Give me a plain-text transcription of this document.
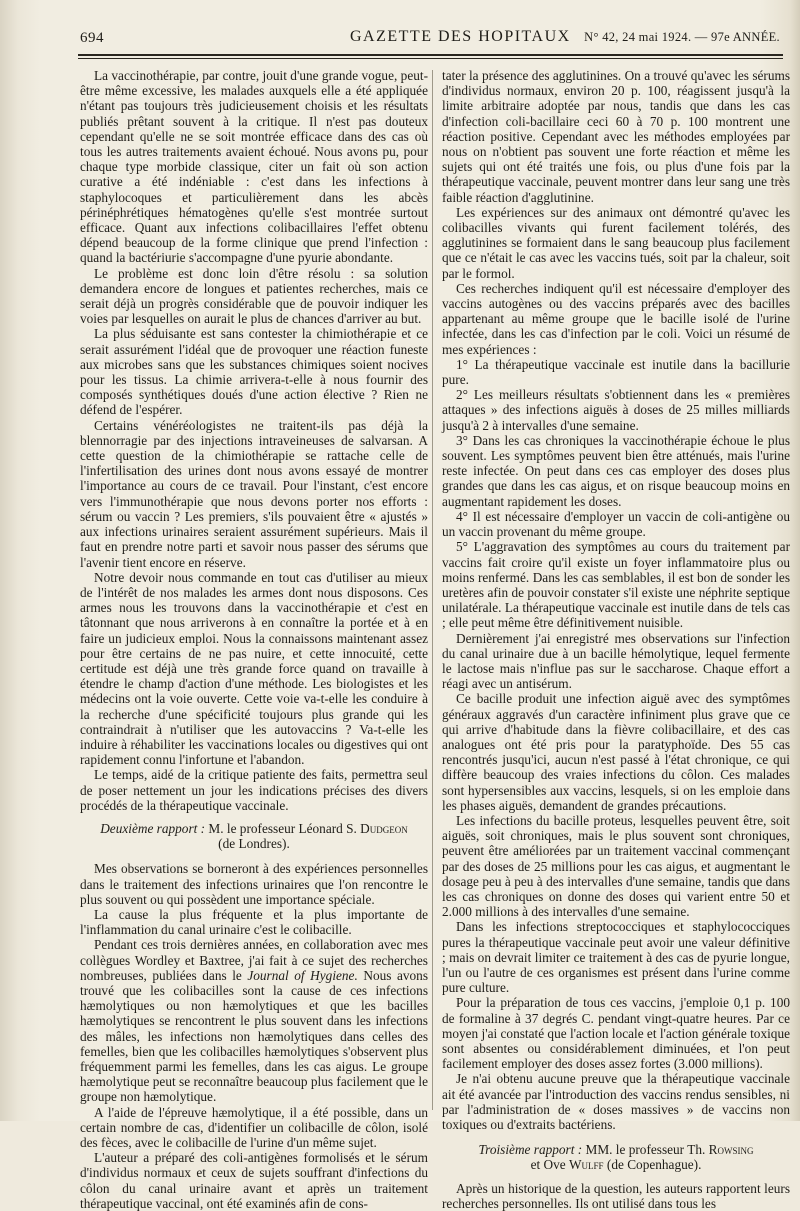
694	GAZETTE DES HOPITAUX N° 42, 24 mai 1924. — 97e ANNÉE.

La vaccinothérapie, par contre, jouit d'une grande vogue, peut-être même excessive, les malades auxquels elle a été appliquée n'étant pas toujours très judicieusement choisis et les résultats publiés prêtant souvent à la critique. Il n'est pas douteux cependant qu'elle ne se soit montrée efficace dans des cas où tous les autres traitements avaient échoué. Nous avons pu, pour chaque type morbide classique, citer un fait où son action curative a été indéniable : c'est dans les infections à staphylocoques et particulièrement dans les abcès périnéphrétiques hématogènes qu'elle s'est montrée surtout efficace. Quant aux infections colibacillaires l'effet obtenu dépend beaucoup de la forme clinique que prend l'infection : quand la bactériurie s'accompagne d'une pyurie abondante.

Le problème est donc loin d'être résolu : sa solution demandera encore de longues et patientes recherches, mais ce serait déjà un progrès considérable que de pouvoir indiquer les voies par lesquelles on aurait le plus de chances d'arriver au but.

La plus séduisante est sans contester la chimiothérapie et ce serait assurément l'idéal que de provoquer une réaction funeste aux microbes sans que les substances chimiques soient nocives pour les tissus. La chimie arrivera-t-elle à nous fournir des composés synthétiques doués d'une action élective ? Rien ne défend de l'espérer.

Certains vénéréologistes ne traitent-ils pas déjà la blennorragie par des injections intraveineuses de salvarsan. A cette question de la chimiothérapie se rattache celle de l'infertilisation des urines dont nous avons essayé de montrer l'importance au cours de ce travail. Pour l'instant, c'est encore vers l'immunothérapie que nous devons porter nos efforts : sérum ou vaccin ? Les premiers, s'ils pouvaient être « ajustés » aux infections urinaires seraient assurément supérieurs. Mais il faut en prendre notre parti et savoir nous passer des sérums que l'avenir tient encore en réserve.

Notre devoir nous commande en tout cas d'utiliser au mieux de l'intérêt de nos malades les armes dont nous disposons. Ces armes nous les trouvons dans la vaccinothérapie et c'est en tâtonnant que nous arriverons à en connaître la portée et à en faire un judicieux emploi. Nous la connaissons maintenant assez pour être certains de ne pas nuire, et cette innocuité, cette certitude est déjà une très grande force quand on travaille à étendre le champ d'action d'une méthode. Les biologistes et les médecins ont la voie ouverte. Cette voie va-t-elle les conduire à la recherche d'une spécificité toujours plus grande qui les contraindrait à n'utiliser que les autovaccins ? Va-t-elle les induire à réhabiliter les vaccinations locales ou digestives qui ont rapidement connu l'infortune et l'abandon.

Le temps, aidé de la critique patiente des faits, permettra seul de poser nettement un jour les indications précises des divers procédés de la thérapeutique vaccinale.

Deuxième rapport : M. le professeur Léonard S. Dudgeon
(de Londres).

Mes observations se borneront à des expériences personnelles dans le traitement des infections urinaires que l'on rencontre le plus souvent ou qui possèdent une importance spéciale.

La cause la plus fréquente et la plus importante de l'inflammation du canal urinaire c'est le colibacille.

Pendant ces trois dernières années, en collaboration avec mes collègues Wordley et Baxtree, j'ai fait à ce sujet des recherches nombreuses, publiées dans le Journal of Hygiene. Nous avons trouvé que les colibacilles sont la cause de ces infections hæmolytiques ou non hæmolytiques et que les bacilles hæmolytiques se rencontrent le plus souvent dans les infections des mâles, les infections non hæmolytiques dans celles des femelles, bien que les colibacilles hæmolytiques s'observent plus fréquemment parmi les femelles, dans les cas aigus. Le groupe hæmolytique peut se reconnaître beaucoup plus facilement que le groupe non hæmolytique.

A l'aide de l'épreuve hæmolytique, il a été possible, dans un certain nombre de cas, d'identifier un colibacille de côlon, isolé des fèces, avec le colibacille de l'urine d'un même sujet.

L'auteur a préparé des coli-antigènes formolisés et le sérum d'individus normaux et ceux de sujets souffrant d'infections du côlon du canal urinaire avant et après un traitement thérapeutique vaccinal, ont été examinés afin de cons-

tater la présence des agglutinines. On a trouvé qu'avec les sérums d'individus normaux, environ 20 p. 100, réagissent jusqu'à la limite arbitraire adoptée par nous, tandis que dans les cas d'infection coli-bacillaire ceci 60 à 70 p. 100 montrent une réaction positive. Cependant avec les méthodes employées par nous on n'obtient pas souvent une forte réaction et même les sujets qui ont été traités une fois, ou plus d'une fois par la thérapeutique vaccinale, peuvent montrer dans leur sang une très faible réaction d'agglutinine.

Les expériences sur des animaux ont démontré qu'avec les colibacilles vivants qui furent facilement tolérés, des agglutinines se formaient dans le sang beaucoup plus facilement que ce n'était le cas avec les vaccins tués, soit par la chaleur, soit par le formol.

Ces recherches indiquent qu'il est nécessaire d'employer des vaccins autogènes ou des vaccins préparés avec des bacilles appartenant au même groupe que le bacille isolé de l'urine infectée, dans les cas d'infection par le coli. Voici un résumé de mes expériences :

1° La thérapeutique vaccinale est inutile dans la bacillurie pure.

2° Les meilleurs résultats s'obtiennent dans les « premières attaques » des infections aiguës à doses de 25 milles milliards jusqu'à 2 à intervalles d'une semaine.

3° Dans les cas chroniques la vaccinothérapie échoue le plus souvent. Les symptômes peuvent bien être atténués, mais l'urine reste infectée. On peut dans ces cas employer des doses plus grandes que dans les cas aigus, et on risque beaucoup moins en augmentant rapidement les doses.

4° Il est nécessaire d'employer un vaccin de coli-antigène ou un vaccin provenant du même groupe.

5° L'aggravation des symptômes au cours du traitement par vaccins fait croire qu'il existe un foyer inflammatoire plus ou moins renfermé. Dans les cas semblables, il est bon de sonder les uretères afin de pouvoir constater s'il existe une néphrite septique unilatérale. La thérapeutique vaccinale est inutile dans de tels cas ; elle peut même être définitivement nuisible.

Dernièrement j'ai enregistré mes observations sur l'infection du canal urinaire due à un bacille hémolytique, lequel fermente le lactose mais n'influe pas sur le saccharose. Chaque effort a réagi avec un antisérum.

Ce bacille produit une infection aiguë avec des symptômes généraux aggravés d'un caractère infiniment plus grave que ce qui arrive d'habitude dans la fièvre colibacillaire, et des cas analogues ont été pris pour la paratyphoïde. Des 55 cas rencontrés jusqu'ici, aucun n'est passé à l'état chronique, ce qui diffère beaucoup des vraies infections du côlon. Ces malades sont hypersensibles aux vaccins, lesquels, si on les emploie dans les phases aiguës, demandent de grandes précautions.

Les infections du bacille proteus, lesquelles peuvent être, soit aiguës, soit chroniques, mais le plus souvent sont chroniques, peuvent être améliorées par un traitement vaccinal commençant par des doses de 25 millions pour les cas aigus, et augmentant le dosage peu à peu à des intervalles d'une semaine, tandis que dans les cas chroniques on donne des doses qui varient entre 50 et 2.000 millions à des intervalles d'une semaine.

Dans les infections streptococciques et staphylococciques pures la thérapeutique vaccinale peut avoir une valeur définitive ; mais on devrait limiter ce traitement à des cas de pyurie longue, l'un ou l'autre de ces organismes est présent dans l'urine comme pure culture.

Pour la préparation de tous ces vaccins, j'emploie 0,1 p. 100 de formaline à 37 degrés C. pendant vingt-quatre heures. Par ce moyen j'ai constaté que l'action locale et l'action générale toxique sont absentes ou considérablement diminuées, et l'on peut facilement employer des doses assez fortes (3.000 millions).

Je n'ai obtenu aucune preuve que la thérapeutique vaccinale ait été avancée par l'introduction des vaccins rendus sensibles, ni par l'administration de « doses massives » de vaccins non toxiques ou d'extraits bactériens.

Troisième rapport : MM. le professeur Th. Rowsing
et Ove Wulff (de Copenhague).

Après un historique de la question, les auteurs rapportent leurs recherches personnelles. Ils ont utilisé dans tous les
